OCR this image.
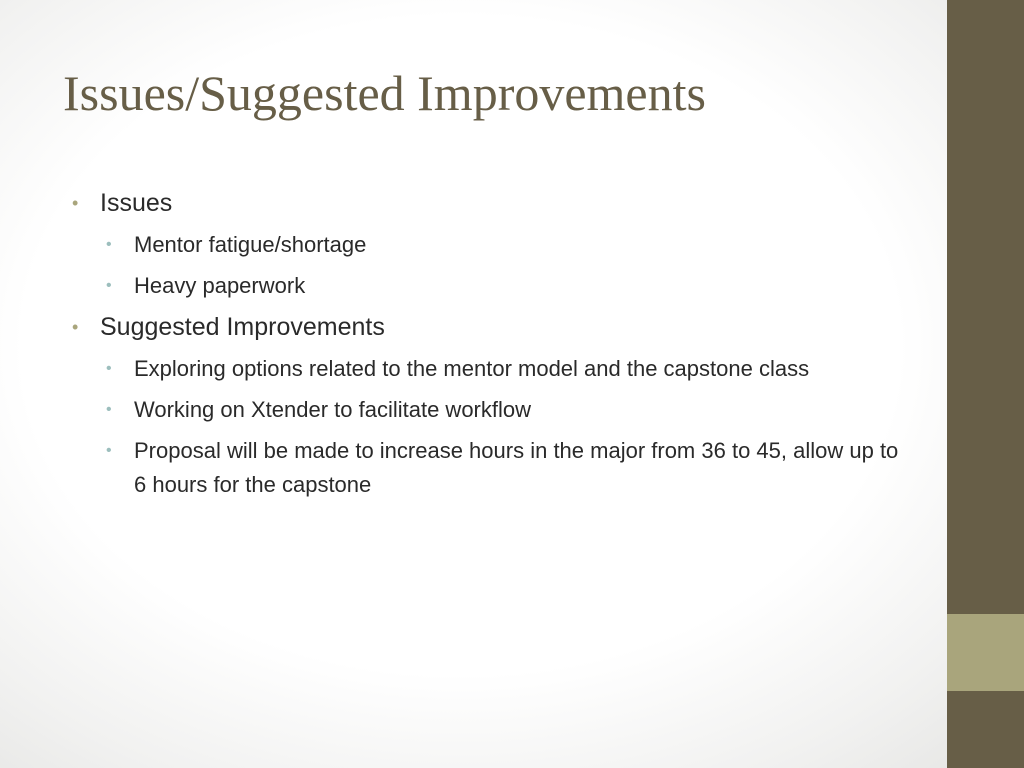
Issues/Suggested Improvements
• Issues
• Mentor fatigue/shortage
• Heavy paperwork
• Suggested Improvements
• Exploring options related to the mentor model and the capstone class
• Working on Xtender to facilitate workflow
• Proposal will be made to increase hours in the major from 36 to 45, allow up to 6 hours for the capstone
